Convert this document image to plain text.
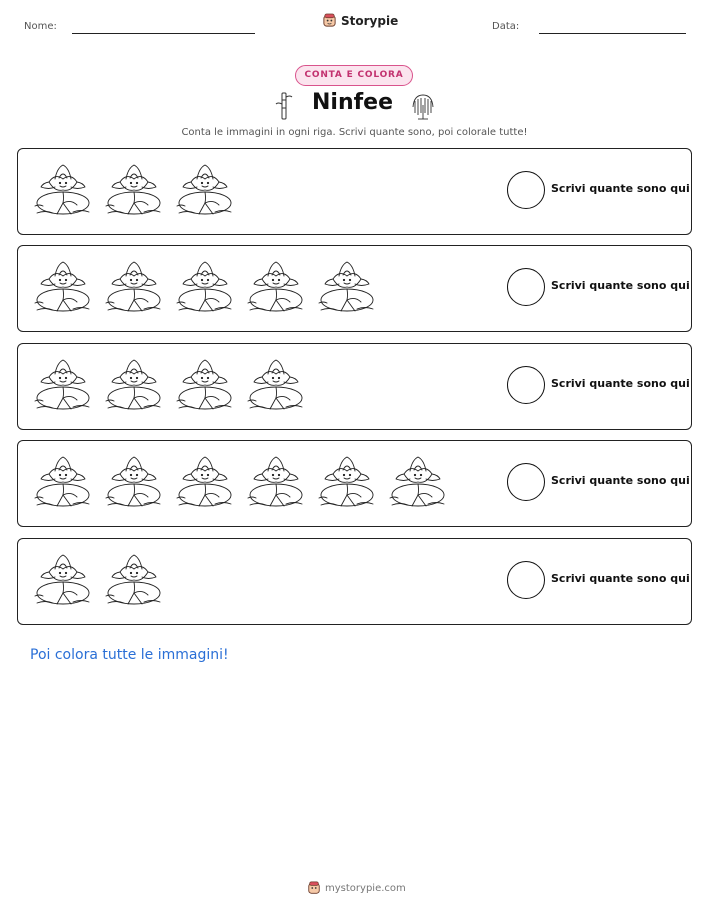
Nome:	Storypie	Data:
CONTA E COLORA
Ninfee
Conta le immagini in ogni riga. Scrivi quante sono, poi colorale tutte!
Scrivi quante sono qui
Scrivi quante sono qui
Scrivi quante sono qui
Scrivi quante sono qui
Scrivi quante sono qui
Poi colora tutte le immagini!
mystorypie.com
